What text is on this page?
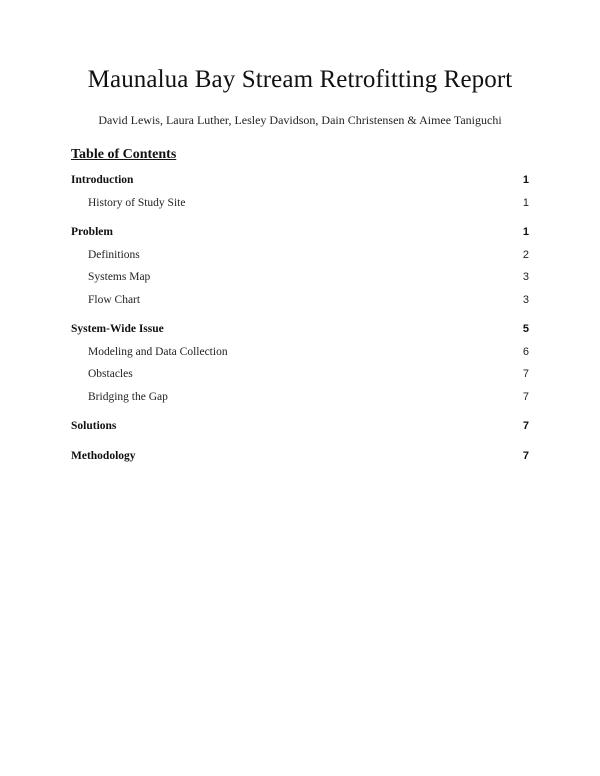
Maunalua Bay Stream Retrofitting Report
David Lewis, Laura Luther, Lesley Davidson, Dain Christensen & Aimee Taniguchi
Table of Contents
Introduction	1
History of Study Site	1
Problem	1
Definitions	2
Systems Map	3
Flow Chart	3
System-Wide Issue	5
Modeling and Data Collection	6
Obstacles	7
Bridging the Gap	7
Solutions	7
Methodology	7
